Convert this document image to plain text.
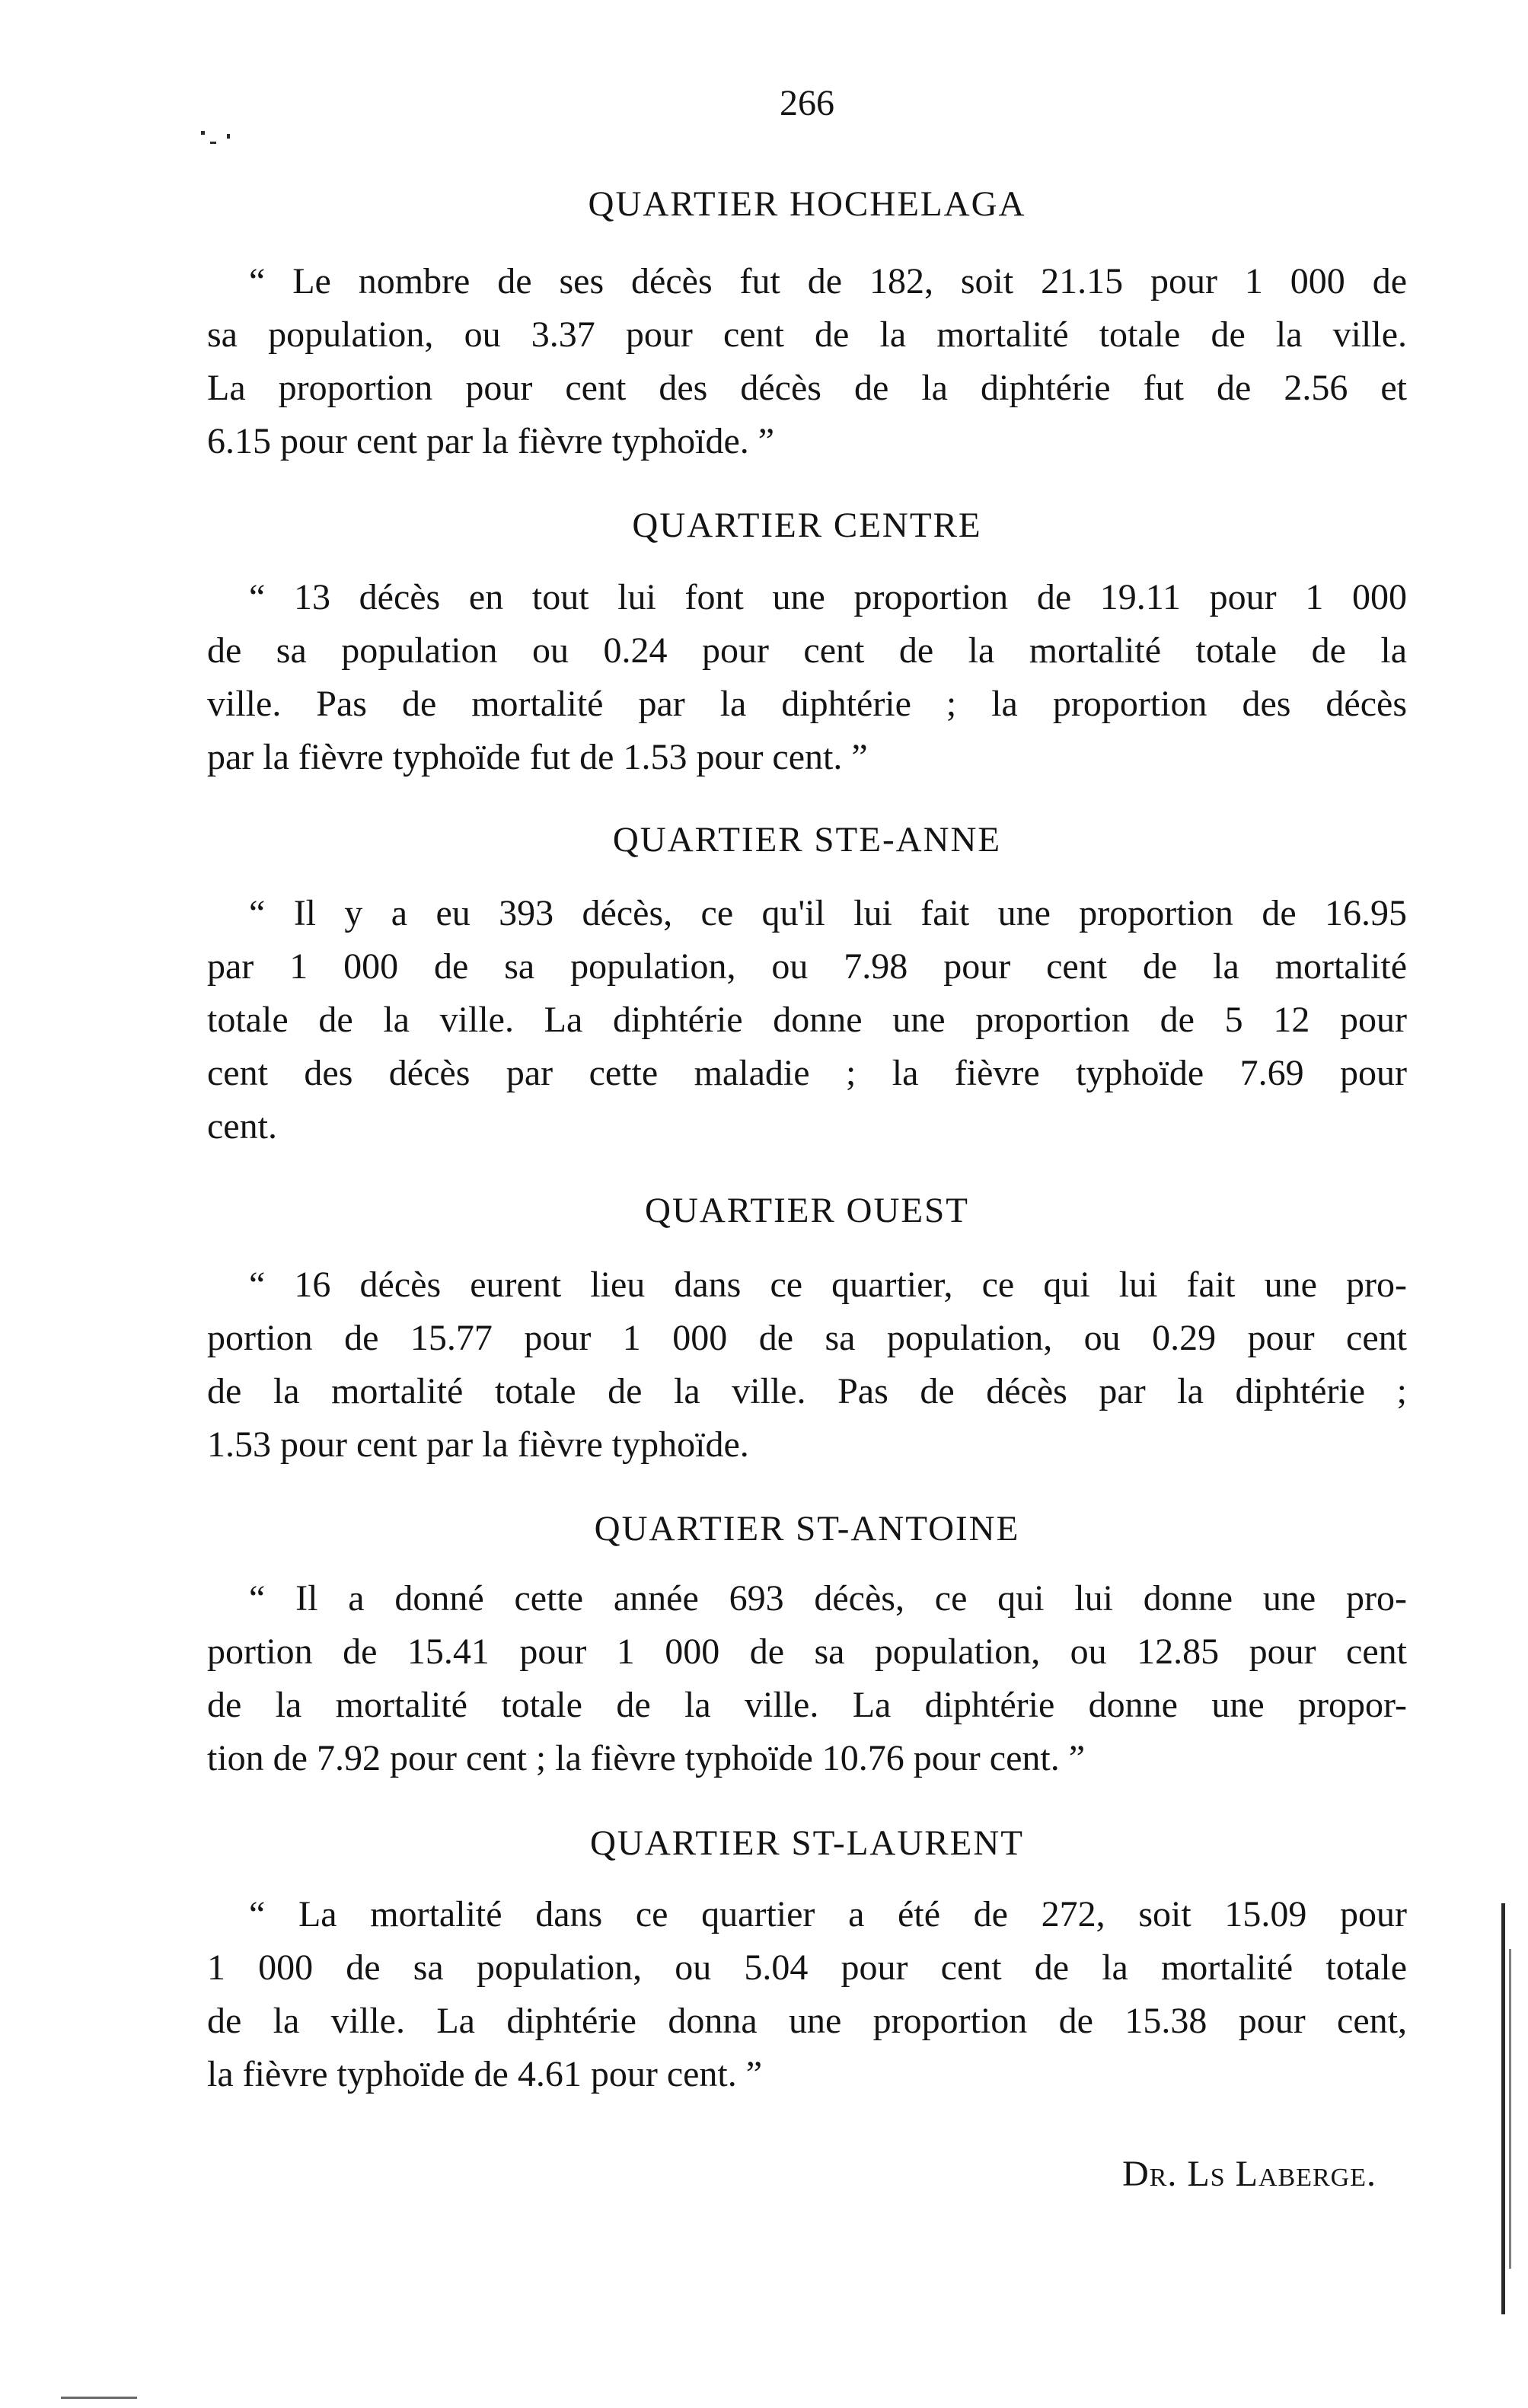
266
QUARTIER HOCHELAGA
“ Le nombre de ses décès fut de 182, soit 21.15 pour 1 000 de
sa population, ou 3.37 pour cent de la mortalité totale de la ville.
La proportion pour cent des décès de la diphtérie fut de 2.56 et
6.15 pour cent par la fièvre typhoïde. ”
QUARTIER CENTRE
“ 13 décès en tout lui font une proportion de 19.11 pour 1 000
de sa population ou 0.24 pour cent de la mortalité totale de la
ville. Pas de mortalité par la diphtérie ; la proportion des décès
par la fièvre typhoïde fut de 1.53 pour cent. ”
QUARTIER STE-ANNE
“ Il y a eu 393 décès, ce qu'il lui fait une proportion de 16.95
par 1 000 de sa population, ou 7.98 pour cent de la mortalité
totale de la ville. La diphtérie donne une proportion de 5 12 pour
cent des décès par cette maladie ; la fièvre typhoïde 7.69 pour
cent.
QUARTIER OUEST
“ 16 décès eurent lieu dans ce quartier, ce qui lui fait une pro-
portion de 15.77 pour 1 000 de sa population, ou 0.29 pour cent
de la mortalité totale de la ville. Pas de décès par la diphtérie ;
1.53 pour cent par la fièvre typhoïde.
QUARTIER ST-ANTOINE
“ Il a donné cette année 693 décès, ce qui lui donne une pro-
portion de 15.41 pour 1 000 de sa population, ou 12.85 pour cent
de la mortalité totale de la ville. La diphtérie donne une propor-
tion de 7.92 pour cent ; la fièvre typhoïde 10.76 pour cent. ”
QUARTIER ST-LAURENT
“ La mortalité dans ce quartier a été de 272, soit 15.09 pour
1 000 de sa population, ou 5.04 pour cent de la mortalité totale
de la ville. La diphtérie donna une proportion de 15.38 pour cent,
la fièvre typhoïde de 4.61 pour cent. ”
Dr. Ls Laberge.
